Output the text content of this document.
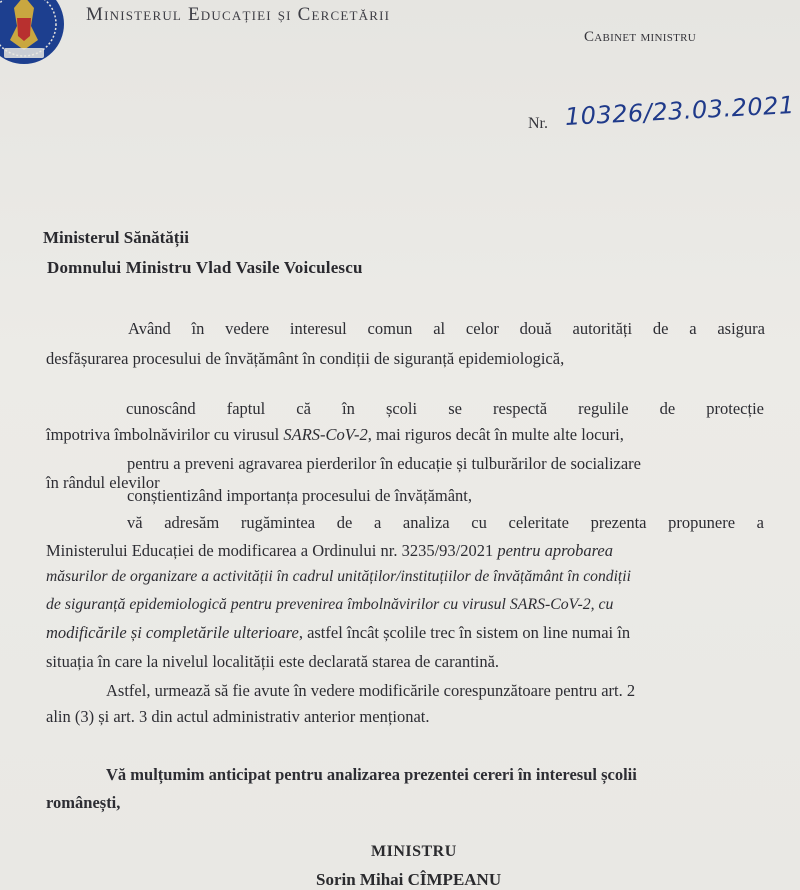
Ministerul Educației și Cercetării
Cabinet ministru
Nr. 10326/23.03.2021
Ministerul Sănătății
Domnului Ministru Vlad Vasile Voiculescu
Având în vedere interesul comun al celor două autorități de a asigura
desfășurarea procesului de învățământ în condiții de siguranță epidemiologică,
cunoscând faptul că în școli se respectă regulile de protecție
împotriva îmbolnăvirilor cu virusul SARS-CoV-2, mai riguros decât în multe alte locuri,
pentru a preveni agravarea pierderilor în educație și tulburărilor de socializare
în rândul elevilor
conștientizând importanța procesului de învățământ,
vă adresăm rugămintea de a analiza cu celeritate prezenta propunere a
Ministerului Educației de modificarea a Ordinului nr. 3235/93/2021 pentru aprobarea
măsurilor de organizare a activității în cadrul unităților/instituțiilor de învățământ în condiții
de siguranță epidemiologică pentru prevenirea îmbolnăvirilor cu virusul SARS-CoV-2, cu
modificările și completările ulterioare, astfel încât școlile trec în sistem on line numai în
situația în care la nivelul localității este declarată starea de carantină.
Astfel, urmează să fie avute în vedere modificările corespunzătoare pentru art. 2
alin (3) și art. 3 din actul administrativ anterior menționat.
Vă mulțumim anticipat pentru analizarea prezentei cereri în interesul școlii
românești,
MINISTRU
Sorin Mihai CÎMPEANU
